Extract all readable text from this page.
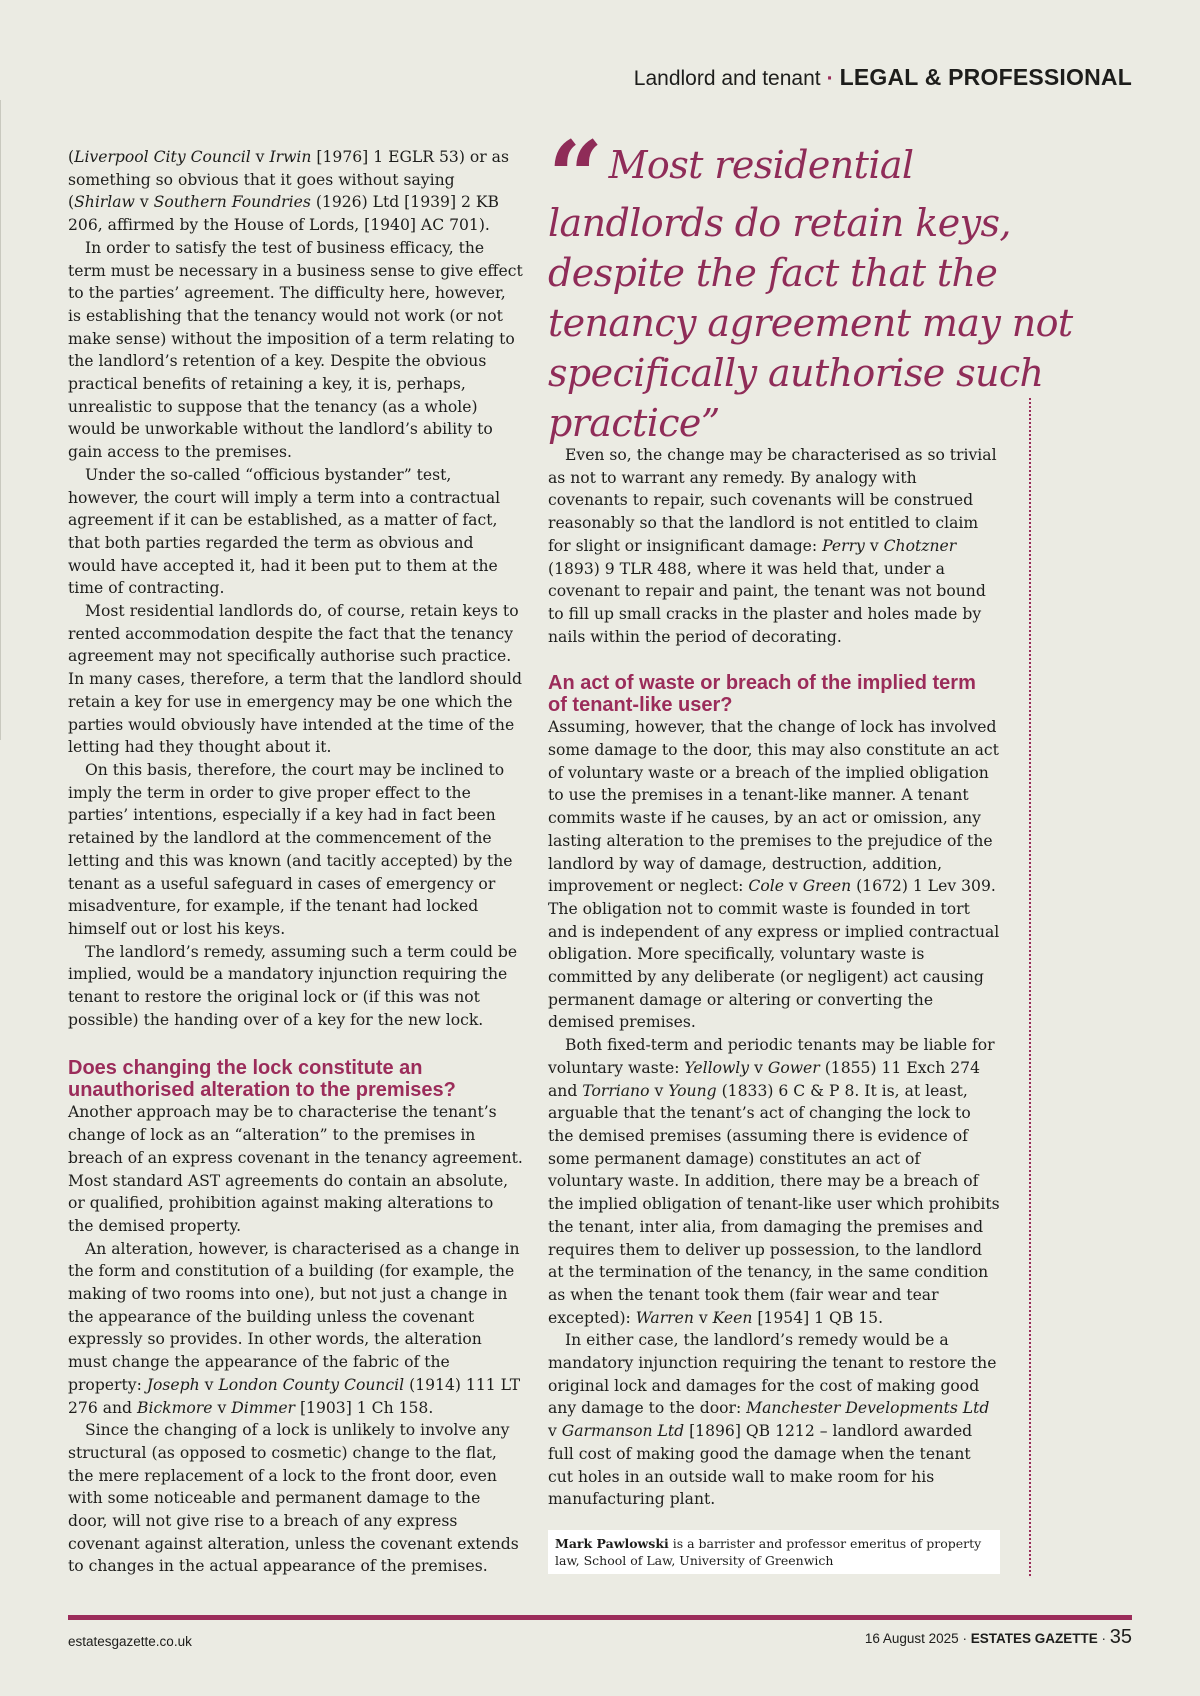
Landlord and tenant · LEGAL & PROFESSIONAL
“ Most residential landlords do retain keys, despite the fact that the tenancy agreement may not specifically authorise such practice”

(Liverpool City Council v Irwin [1976] 1 EGLR 53) or as something so obvious that it goes without saying (Shirlaw v Southern Foundries (1926) Ltd [1939] 2 KB 206, affirmed by the House of Lords, [1940] AC 701).

In order to satisfy the test of business efficacy, the term must be necessary in a business sense to give effect to the parties’ agreement. The difficulty here, however, is establishing that the tenancy would not work (or not make sense) without the imposition of a term relating to the landlord’s retention of a key. Despite the obvious practical benefits of retaining a key, it is, perhaps, unrealistic to suppose that the tenancy (as a whole) would be unworkable without the landlord’s ability to gain access to the premises.

Under the so-called “officious bystander” test, however, the court will imply a term into a contractual agreement if it can be established, as a matter of fact, that both parties regarded the term as obvious and would have accepted it, had it been put to them at the time of contracting.

Most residential landlords do, of course, retain keys to rented accommodation despite the fact that the tenancy agreement may not specifically authorise such practice. In many cases, therefore, a term that the landlord should retain a key for use in emergency may be one which the parties would obviously have intended at the time of the letting had they thought about it.

On this basis, therefore, the court may be inclined to imply the term in order to give proper effect to the parties’ intentions, especially if a key had in fact been retained by the landlord at the commencement of the letting and this was known (and tacitly accepted) by the tenant as a useful safeguard in cases of emergency or misadventure, for example, if the tenant had locked himself out or lost his keys.

The landlord’s remedy, assuming such a term could be implied, would be a mandatory injunction requiring the tenant to restore the original lock or (if this was not possible) the handing over of a key for the new lock.

Does changing the lock constitute an unauthorised alteration to the premises?

Another approach may be to characterise the tenant’s change of lock as an “alteration” to the premises in breach of an express covenant in the tenancy agreement. Most standard AST agreements do contain an absolute, or qualified, prohibition against making alterations to the demised property.

An alteration, however, is characterised as a change in the form and constitution of a building (for example, the making of two rooms into one), but not just a change in the appearance of the building unless the covenant expressly so provides. In other words, the alteration must change the appearance of the fabric of the property: Joseph v London County Council (1914) 111 LT 276 and Bickmore v Dimmer [1903] 1 Ch 158.

Since the changing of a lock is unlikely to involve any structural (as opposed to cosmetic) change to the flat, the mere replacement of a lock to the front door, even with some noticeable and permanent damage to the door, will not give rise to a breach of any express covenant against alteration, unless the covenant extends to changes in the actual appearance of the premises.

Even so, the change may be characterised as so trivial as not to warrant any remedy. By analogy with covenants to repair, such covenants will be construed reasonably so that the landlord is not entitled to claim for slight or insignificant damage: Perry v Chotzner (1893) 9 TLR 488, where it was held that, under a covenant to repair and paint, the tenant was not bound to fill up small cracks in the plaster and holes made by nails within the period of decorating.

An act of waste or breach of the implied term of tenant-like user?

Assuming, however, that the change of lock has involved some damage to the door, this may also constitute an act of voluntary waste or a breach of the implied obligation to use the premises in a tenant-like manner. A tenant commits waste if he causes, by an act or omission, any lasting alteration to the premises to the prejudice of the landlord by way of damage, destruction, addition, improvement or neglect: Cole v Green (1672) 1 Lev 309. The obligation not to commit waste is founded in tort and is independent of any express or implied contractual obligation. More specifically, voluntary waste is committed by any deliberate (or negligent) act causing permanent damage or altering or converting the demised premises.

Both fixed-term and periodic tenants may be liable for voluntary waste: Yellowly v Gower (1855) 11 Exch 274 and Torriano v Young (1833) 6 C & P 8. It is, at least, arguable that the tenant’s act of changing the lock to the demised premises (assuming there is evidence of some permanent damage) constitutes an act of voluntary waste. In addition, there may be a breach of the implied obligation of tenant-like user which prohibits the tenant, inter alia, from damaging the premises and requires them to deliver up possession, to the landlord at the termination of the tenancy, in the same condition as when the tenant took them (fair wear and tear excepted): Warren v Keen [1954] 1 QB 15.

In either case, the landlord’s remedy would be a mandatory injunction requiring the tenant to restore the original lock and damages for the cost of making good any damage to the door: Manchester Developments Ltd v Garmanson Ltd [1896] QB 1212 – landlord awarded full cost of making good the damage when the tenant cut holes in an outside wall to make room for his manufacturing plant.

Mark Pawlowski is a barrister and professor emeritus of property law, School of Law, University of Greenwich
estatesgazette.co.uk	16 August 2025 · ESTATES GAZETTE · 35
